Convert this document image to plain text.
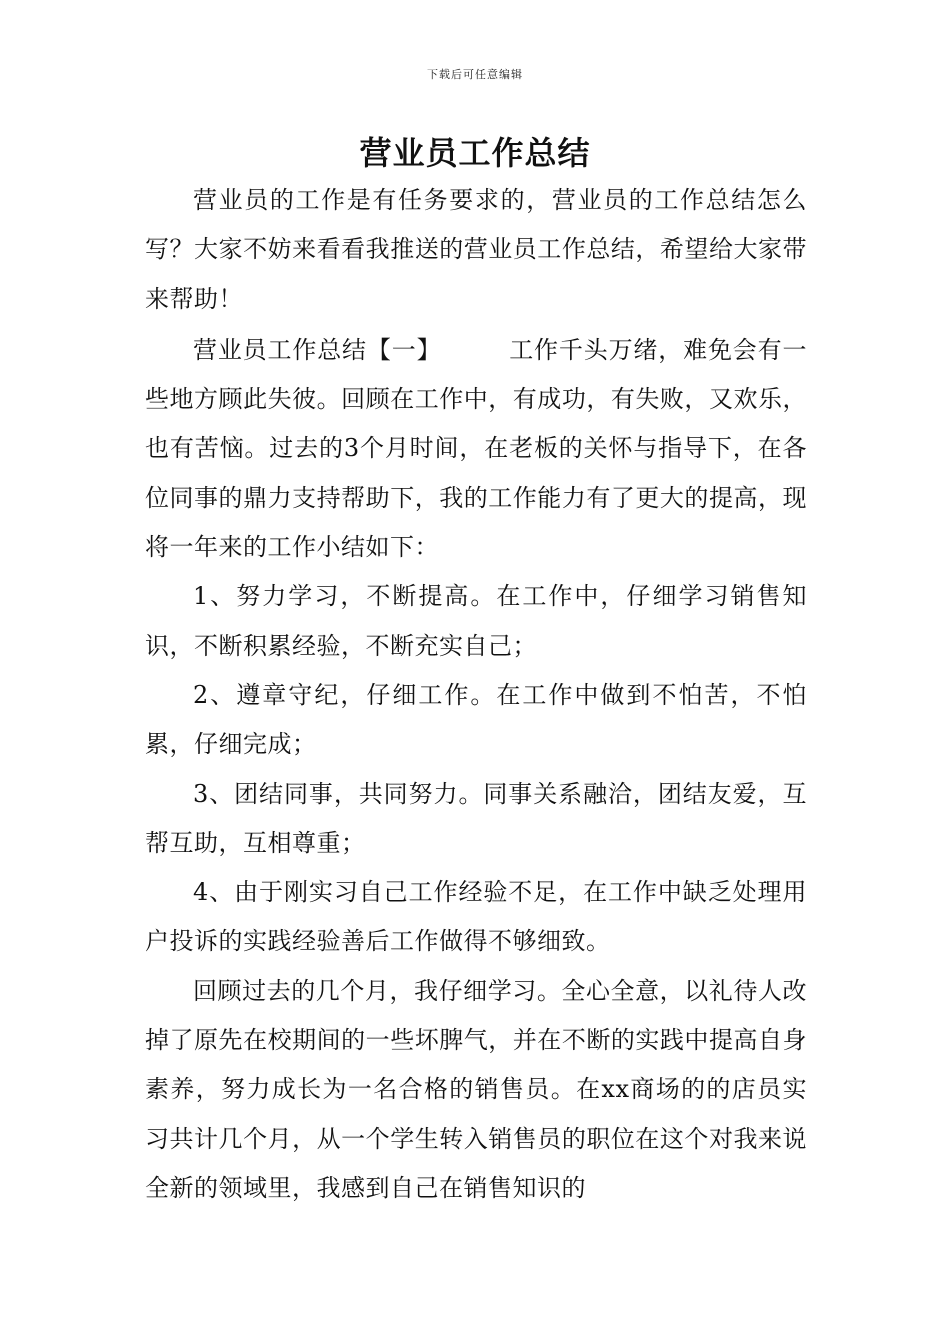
下载后可任意编辑
营业员工作总结

营业员的工作是有任务要求的，营业员的工作总结怎么写？大家不妨来看看我推送的营业员工作总结，希望给大家带来帮助！

营业员工作总结【一】	工作千头万绪，难免会有一些地方顾此失彼。回顾在工作中，有成功，有失败，又欢乐，也有苦恼。过去的3个月时间，在老板的关怀与指导下，在各位同事的鼎力支持帮助下，我的工作能力有了更大的提高，现将一年来的工作小结如下：

1、努力学习，不断提高。在工作中，仔细学习销售知识，不断积累经验，不断充实自己；

2、遵章守纪，仔细工作。在工作中做到不怕苦，不怕累，仔细完成；

3、团结同事，共同努力。同事关系融洽，团结友爱，互帮互助，互相尊重；

4、由于刚实习自己工作经验不足，在工作中缺乏处理用户投诉的实践经验善后工作做得不够细致。

回顾过去的几个月，我仔细学习。全心全意，以礼待人改掉了原先在校期间的一些坏脾气，并在不断的实践中提高自身素养，努力成长为一名合格的销售员。在xx商场的的店员实习共计几个月，从一个学生转入销售员的职位在这个对我来说全新的领域里，我感到自己在销售知识的
